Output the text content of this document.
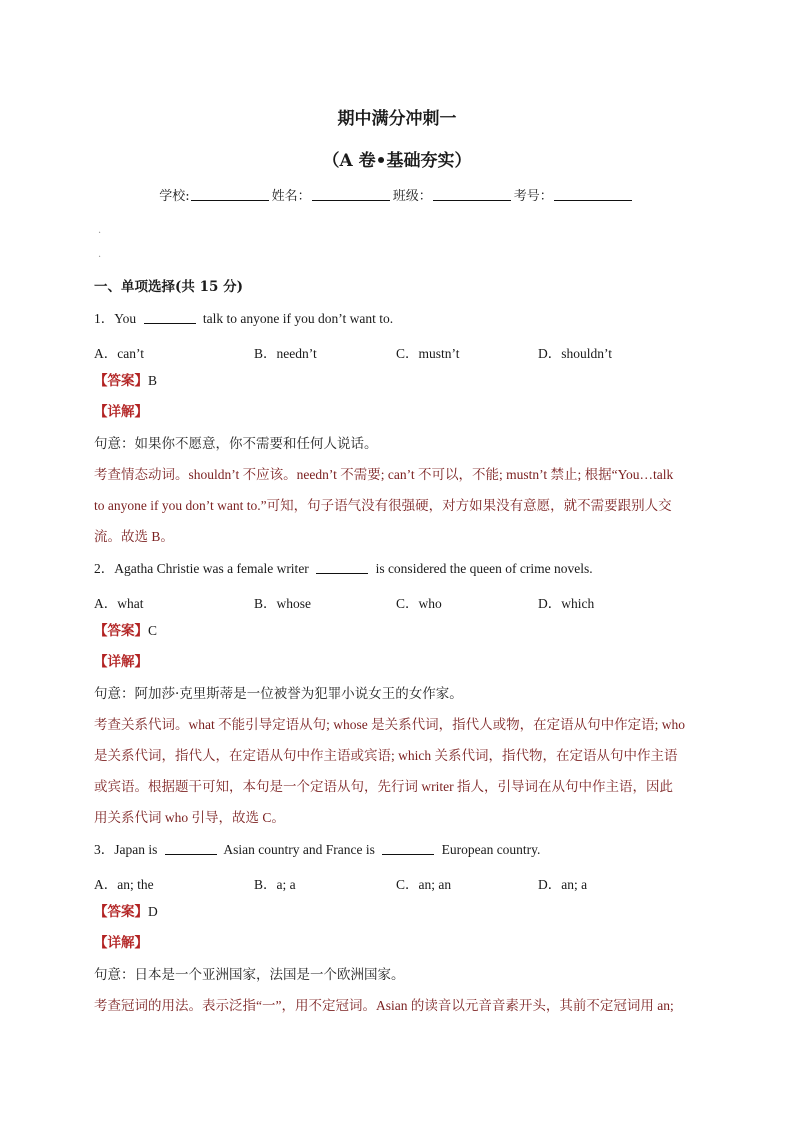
期中满分冲刺一
（A 卷•基础夯实）
学校:	姓名：	班级：	考号：
·
·
一、单项选择(共 15 分)
1．You	talk to anyone if you don’t want to.
A．can’t	B．needn’t	C．mustn’t	D．shouldn’t
【答案】B
【详解】
句意：如果你不愿意，你不需要和任何人说话。
考查情态动词。shouldn’t 不应该。needn’t 不需要; can’t 不可以，不能; mustn’t 禁止; 根据“You…talk
to anyone if you don’t want to.”可知，句子语气没有很强硬，对方如果没有意愿，就不需要跟别人交
流。故选 B。
2．Agatha Christie was a female writer	is considered the queen of crime novels.
A．what	B．whose	C．who	D．which
【答案】C
【详解】
句意：阿加莎·克里斯蒂是一位被誉为犯罪小说女王的女作家。
考查关系代词。what 不能引导定语从句; whose 是关系代词，指代人或物，在定语从句中作定语; who
是关系代词，指代人，在定语从句中作主语或宾语; which 关系代词，指代物，在定语从句中作主语
或宾语。根据题干可知，本句是一个定语从句，先行词 writer 指人，引导词在从句中作主语，因此
用关系代词 who 引导，故选 C。
3．Japan is	Asian country and France is	European country.
A．an; the	B．a; a	C．an; an	D．an; a
【答案】D
【详解】
句意：日本是一个亚洲国家，法国是一个欧洲国家。
考查冠词的用法。表示泛指“一”，用不定冠词。Asian 的读音以元音音素开头，其前不定冠词用 an;
